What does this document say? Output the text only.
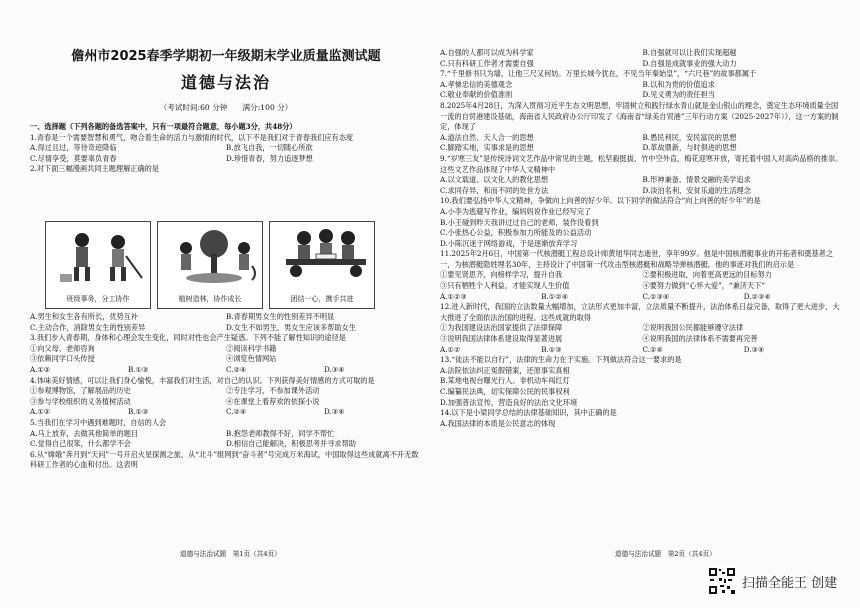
儋州市2025春季学期初一年级期末学业质量监测试题
道德与法治
（考试时间:60 分钟　　满分:100 分）
一、选择题（下列各题的备选答案中，只有一项最符合题意，每小题3分，共48分）
1.青春是一个需要智慧和勇气，吻合着生命的活力与激情的时代，以下不是我们对于青春我们应有态度
A.得过且过，等待奇迹降临	B.放飞自我，一切随心所欲
C.尽情享受，莫要辜负青春	D.珍惜青春，努力追逐梦想
2.对下面三幅漫画共同主题理解正确的是
班级事务，分工协作	植树造林，协作成长	团结一心，携手共进
A.男生和女生各有所长，优势互补	B.青春期男女生的性别差异不明显
C.主动合作，消除男女生的性别差异	D.女生不如男生，男女生应该多帮助女生
3.我们步入青春期，身体和心理会发生变化，同时对性也会产生疑惑。下列不能了解性知识的途径是
①向父母、老师咨询	②阅读科学书籍
③依赖同学口头传授	④浏览色情网站
A.①②	B.①③	C.②④	D.③④
4.体味美好情感，可以让我们身心愉悦，丰富我们对生活，对自己的认识。下列获得美好情感的方式可取的是
①参观博物馆，了解展品的历史	②专注学习，不参加课外活动
③参与学校组织的义务植树活动	④在课堂上看荐欢的依探小说
A.①②	B.①③	C.②④	D.③④
5.当我们在学习中遇到难题时，自信的人会
A.马上放弃，去做其他简单的题目	B.抱怨老师教得不好，同学不帮忙
C.觉得自己很笨，什么都学不会	D.相信自己能解决，积极思考并寻求帮助
6.从“嫦娥”奔月到“天问”一号开启火星探测之旅，从“北斗”组网到“奋斗者”号完成万米海试，中国取得这些成就离不开无数科研工作者的心血和付出。这表明
道德与法治试题　第1页（共4页）
A.自强的人都可以成为科学家	B.自强就可以让我们实现超越
C.只有科研工作者才需要自强	D.自强是成就事业的强大动力
7.“千里修书只为墙，让他三尺又何妨。万里长城今犹在，不见当年秦始皇”，“六尺巷”的故事都属于
A.孝悌忠信的美德观念	B.以和为贵的价值追求
C.敬业奉献的价值准则	D.见义勇为的责任担当
8.2025年4月28日，为深入贯彻习近平生态文明思想，牢固树立和践行绿水青山就是金山银山的理念，奠定生态环境质量全国一流的自贸港建设基础，海南省人民政府办公厅印发了《海南省“绿美自贸港”三年行动方案（2025-2027年）》，这一方案的制定，体现了
A.道法自然、天人合一的思想	B.愚民利民，安民富民的思想
C.脚踏实地，实事求是的思想	D.革故鼎新，与时俱进的思想
9.“岁寒三友”是传统诗词文艺作品中常见的主题，松坚毅挺拔、竹中空外直，梅花迎寒开放，寄托着中国人对高尚品格的推崇。这些文艺作品体现了中华人文精神中
A.以文载道、以文化人的教化思想	B.形神兼备、情景交融的美学追求
C.求同存异，和而不同的处世方法	D.淡泊名利、安贫乐道的生活理念
10.我们要弘扬中华人文精神，争做向上向善的好少年。以下同学的做法符合“向上向善的好少年”的是
A.小李为逃避写作业，编妈妈说作业已经写完了
B.小王碰到昨天我讲过过自己的老师，装作没看到
C.小张热心公益，积极参加力所能及的公益活动
D.小陈沉迷于网络游戏，于是逐渐放弃学习
11.2025年2月6日，中国第一代核潜艇工程总设计师黄旭华同志逝世，享年99岁。他是中国核潜艇事业的开拓者和奠基者之一，为核潜艇隐姓埋名30年，主持设计了中国第一代攻击型核潜艇和战略导弹核潜艇。他的事迹对我们的启示是
①要见贤思齐，向榜样学习，提升自我	②要积极进取，向着更高更远的目标努力
③只有牺牲个人利益，才能实现人生价值	④要努力做到“心怀大爱”，“兼济天下”
A.①②③	B.①②④	C.①③④	D.②③④
12.进入新时代，我国的立法数量大幅增加，立法形式更加丰富，立法质量不断提升，法治体系日益完备，取得了更大进步，大大推进了全面依法治国的进程。这些成就的取得
①为我国建设法治国家提供了法律保障	②说明我国公民都能够遵守法律
③说明我国法律体系建设取得显著进展	④说明我国的法律体系不需要再完善
A.①②	B.①③	C.②④	D.③④
13.“徒法不能以自行”，法律的生命力在于实施。下列做法符合这一要求的是
A.法院依法纠正冤假错案，还原事实真相
B.某地电视台曝光行人、非机动车闯红灯
C.编纂民法典，切实保障公民的民事权利
D.加强普法宣传，营造良好的法治文化环境
14.以下是小梁同学总结的法律基础知识，其中正确的是
A.我国法律的本质是公民意志的体现
道德与法治试题　第2页（共4页）
扫描全能王 创建
